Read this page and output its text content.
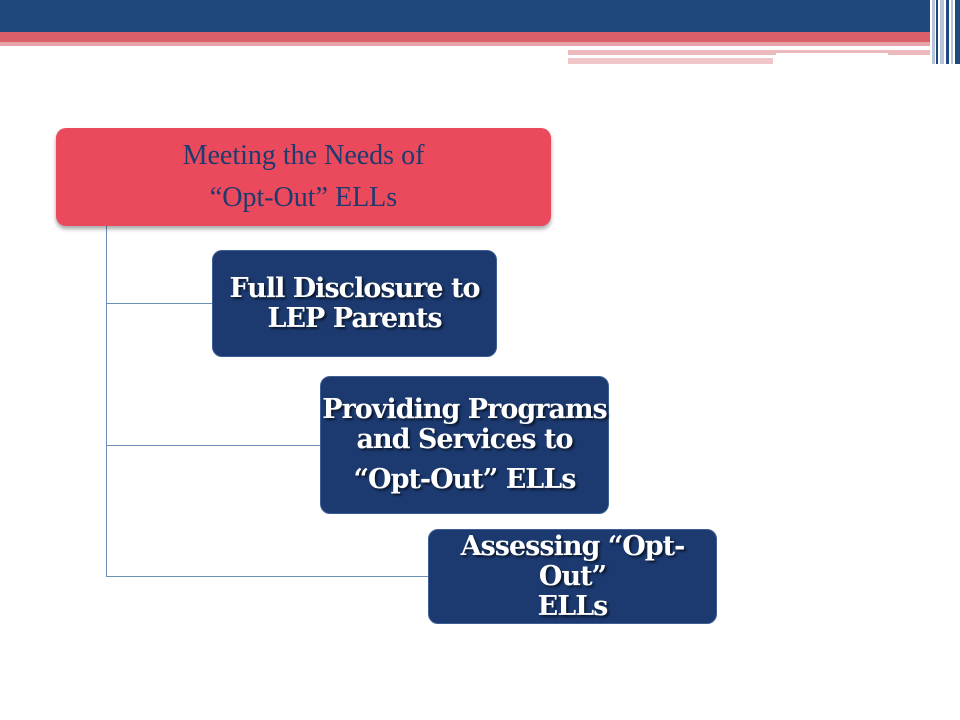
Meeting the Needs of
“Opt-Out” ELLs
Full Disclosure to
LEP Parents
Providing Programs
and Services to
“Opt-Out” ELLs
Assessing “Opt-Out”
ELLs
